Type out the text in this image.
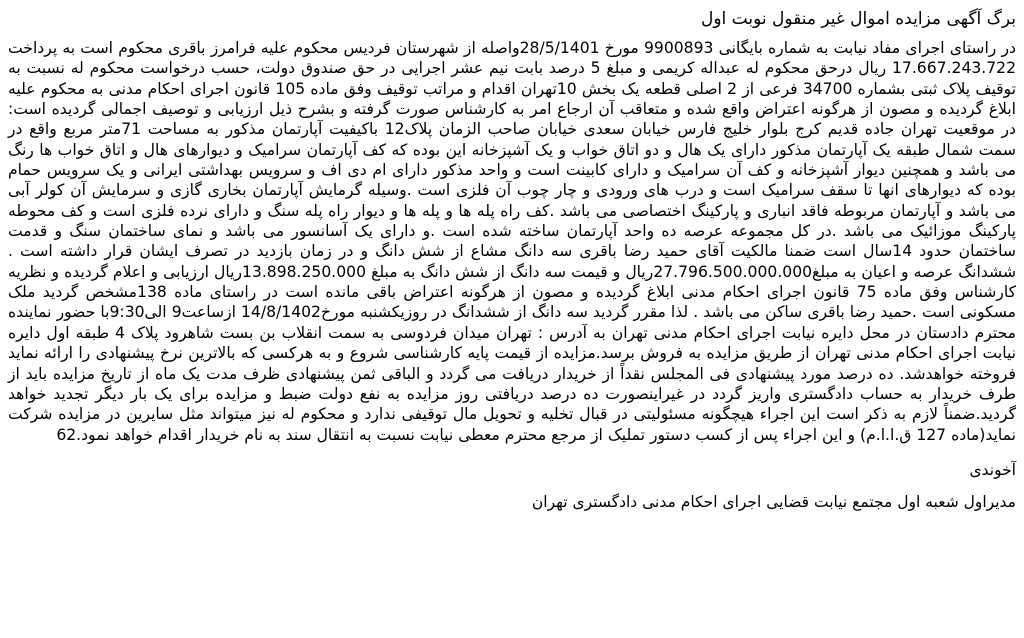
برگ آگهی مزایده اموال غیر منقول نوبت اول

در راستای اجرای مفاد نیابت به شماره بایگانی 9900893 مورخ 28/5/1401واصله از شهرستان فردیس محکوم علیه فرامرز باقری محکوم است به پرداخت 17.667.243.722 ریال درحق محکوم له عبداله کریمی و مبلغ 5 درصد بابت نیم عشر اجرایی در حق صندوق دولت، حسب درخواست محکوم له نسبت به توقیف پلاک ثبتی بشماره 34700 فرعی از 2 اصلی قطعه یک بخش 10تهران اقدام و مراتب توقیف وفق ماده 105 قانون اجرای احکام مدنی به محکوم علیه ابلاغ گردیده و مصون از هرگونه اعتراض واقع شده و متعاقب آن ارجاع امر به کارشناس صورت گرفته و بشرح ذیل ارزیابی و توصیف اجمالی گردیده است: در موقعیت تهران جاده قدیم کرج بلوار خلیج فارس خیابان سعدی خیابان صاحب الزمان پلاک12 باکیفیت آپارتمان مذکور به مساحت 71متر مربع واقع در سمت شمال طبقه یک آپارتمان مذکور دارای یک هال و دو اتاق خواب و یک آشپزخانه این بوده که کف آپارتمان سرامیک و دیوارهای هال و اتاق خواب ها رنگ می باشد و همچنین دیوار آشپزخانه و کف آن سرامیک و دارای کابینت است و واحد مذکور دارای ام دی اف و سرویس بهداشتی ایرانی و یک سرویس حمام بوده که دیوارهای انها تا سقف سرامیک است و درب های ورودی و چار چوب آن فلزی است .وسیله گرمایش آپارتمان بخاری گازی و سرمایش آن کولر آبی می باشد و آپارتمان مربوطه فاقد انباری و پارکینگ اختصاصی می باشد .کف راه پله ها و پله ها و دیوار راه پله سنگ و دارای نرده فلزی است و کف محوطه پارکینگ موزائیک می باشد .در کل مجموعه عرصه ده واحد آپارتمان ساخته شده است .و دارای یک آسانسور می باشد و نمای ساختمان سنگ و قدمت ساختمان حدود 14سال است ضمنا مالکیت آقای حمید رضا باقری سه دانگ مشاع از شش دانگ و در زمان بازدید در تصرف ایشان قرار داشته است . ششدانگ عرصه و اعیان به مبلغ27.796.500.000.000ریال و قیمت سه دانگ از شش دانگ به مبلغ 13.898.250.000ریال ارزیابی و اعلام گردیده و نظریه کارشناس وفق ماده 75 قانون اجرای احکام مدنی ابلاغ گردیده و مصون از هرگونه اعتراض باقی مانده است در راستای ماده 138مشخص گردید ملک مسکونی است .حمید رضا باقری ساکن می باشد . لذا مقرر گردید سه دانگ از ششدانگ در روزیکشنبه مورخ14/8/1402 ازساعت9 الی9:30با حضور نماینده محترم دادستان در محل دایره نیابت اجرای احکام مدنی تهران به آدرس : تهران میدان فردوسی به سمت انقلاب بن بست شاهرود پلاک 4 طبقه اول دایره نیابت اجرای احکام مدنی تهران از طریق مزایده به فروش برسد.مزایده از قیمت پایه کارشناسی شروع و به هرکسی که بالاترین نرخ پیشنهادی را ارائه نماید فروخته خواهدشد. ده درصد مورد پیشنهادی فی المجلس نقداً از خریدار دریافت می گردد و الباقی ثمن پیشنهادی ظرف مدت یک ماه از تاریخ مزایده باید از طرف خریدار به حساب دادگستری واریز گردد در غیراینصورت ده درصد دریافتی روز مزایده به نفع دولت ضبط و مزایده برای یک بار دیگر تجدید خواهد گردید.ضمناً لازم به ذکر است این اجراء هیچگونه مسئولیتی در قبال تخلیه و تحویل مال توقیفی ندارد و محکوم له نیز میتواند مثل سایرین در مزایده شرکت نماید(ماده 127 ق.ا.ا.م) و این اجراء پس از کسب دستور تملیک از مرجع محترم معطی نیابت نسبت به انتقال سند به نام خریدار اقدام خواهد نمود.62

آخوندی
مدیراول شعبه اول مجتمع نیابت قضایی اجرای احکام مدنی دادگستری تهران
